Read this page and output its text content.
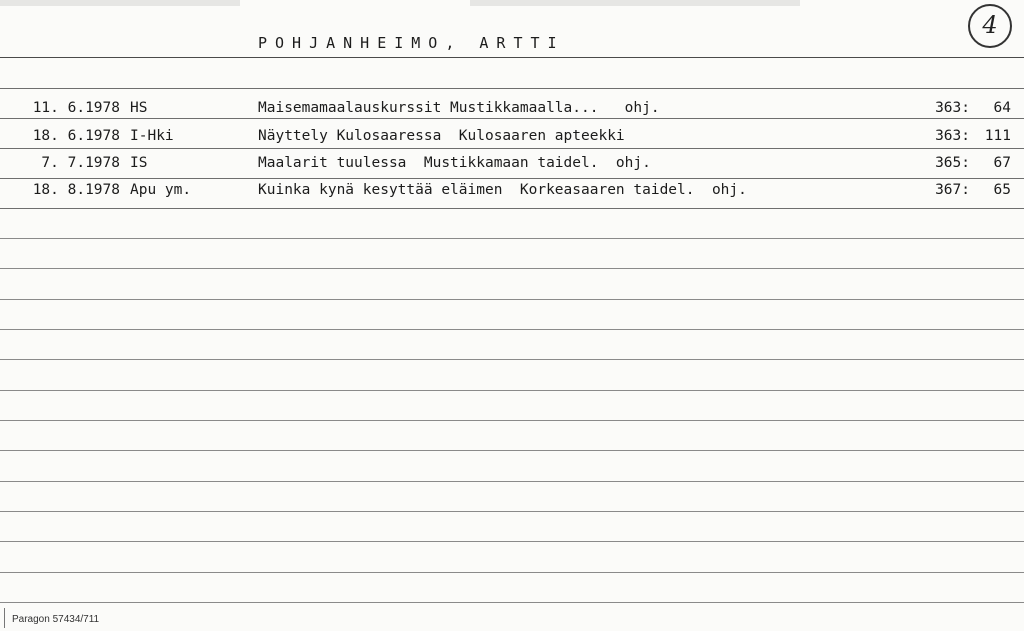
POHJANHEIMO, ARTTI
4
11. 6.1978 HS	Maisemamaalauskurssit Mustikkamaalla...   ohj.	363:	64
18. 6.1978 I-Hki	Näyttely Kulosaaressa  Kulosaaren apteekki	363:	111
7. 7.1978 IS	Maalarit tuulessa  Mustikkamaan taidel.  ohj.	365:	67
18. 8.1978 Apu ym.	Kuinka kynä kesyttää eläimen  Korkeasaaren taidel.  ohj.	367:	65
Paragon 57434/711
